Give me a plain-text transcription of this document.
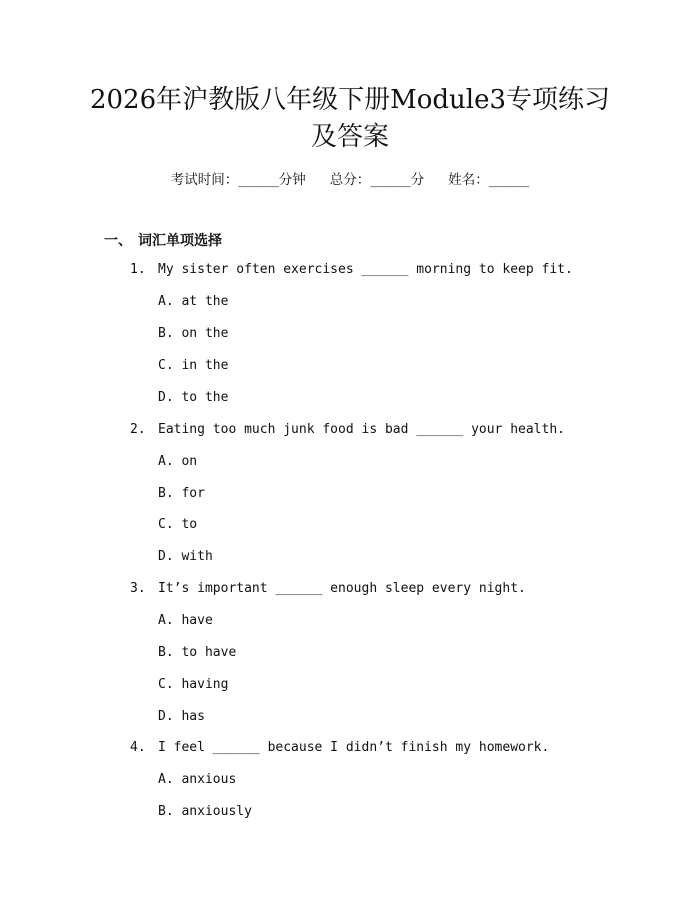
2026年沪教版八年级下册Module3专项练习
及答案
考试时间：______分钟 总分：______分 姓名：______
一、 词汇单项选择
1. My sister often exercises ______ morning to keep fit.
A. at the
B. on the
C. in the
D. to the
2. Eating too much junk food is bad ______ your health.
A. on
B. for
C. to
D. with
3. It’s important ______ enough sleep every night.
A. have
B. to have
C. having
D. has
4. I feel ______ because I didn’t finish my homework.
A. anxious
B. anxiously
